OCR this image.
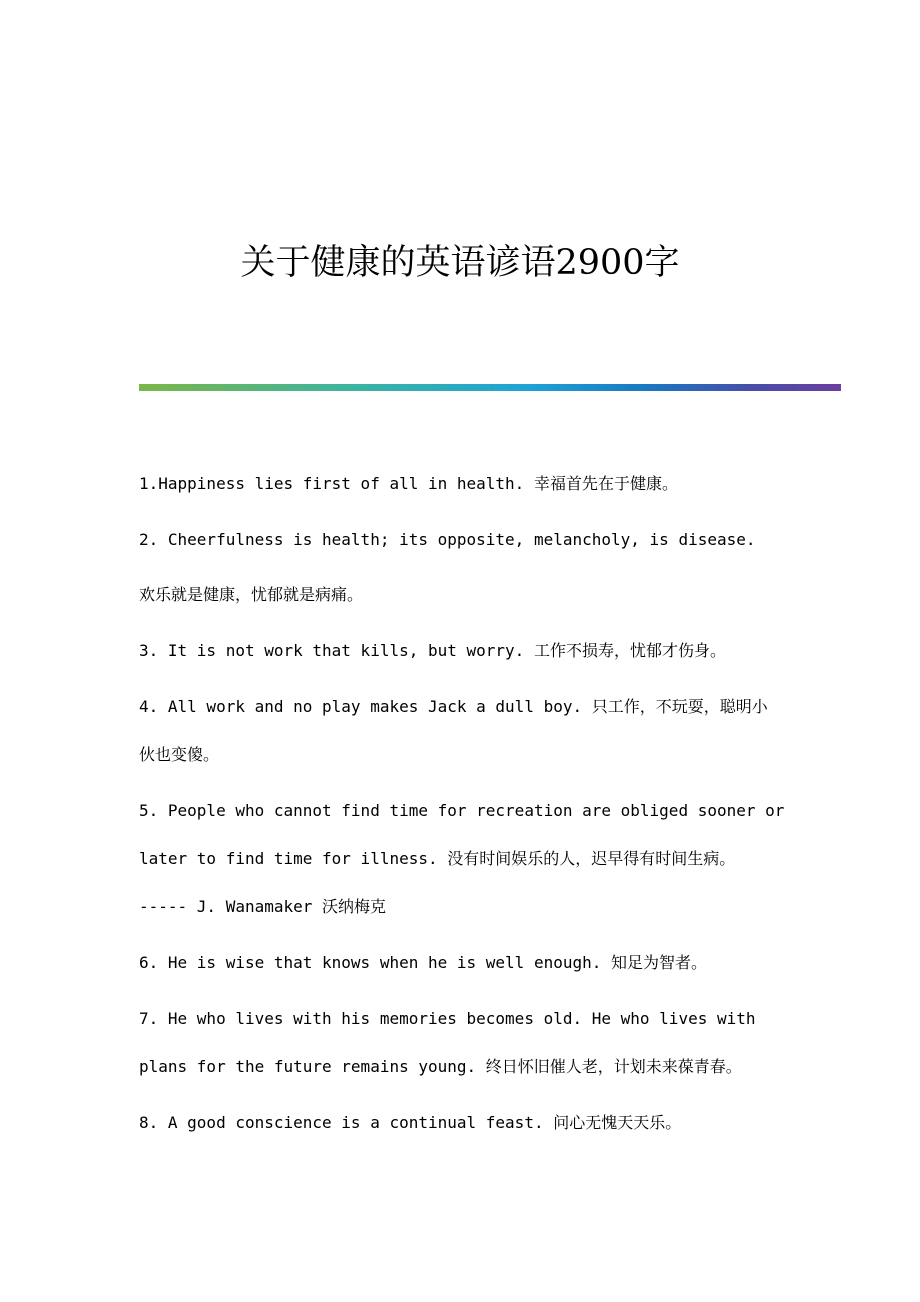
关于健康的英语谚语2900字
1.Happiness lies first of all in health. 幸福首先在于健康。
2. Cheerfulness is health; its opposite, melancholy, is disease.
欢乐就是健康，忧郁就是病痛。
3. It is not work that kills, but worry. 工作不损寿，忧郁才伤身。
4. All work and no play makes Jack a dull boy. 只工作，不玩耍，聪明小
伙也变傻。
5. People who cannot find time for recreation are obliged sooner or
later to find time for illness. 没有时间娱乐的人，迟早得有时间生病。
----- J. Wanamaker 沃纳梅克
6. He is wise that knows when he is well enough. 知足为智者。
7. He who lives with his memories becomes old. He who lives with
plans for the future remains young. 终日怀旧催人老，计划未来葆青春。
8. A good conscience is a continual feast. 问心无愧天天乐。
